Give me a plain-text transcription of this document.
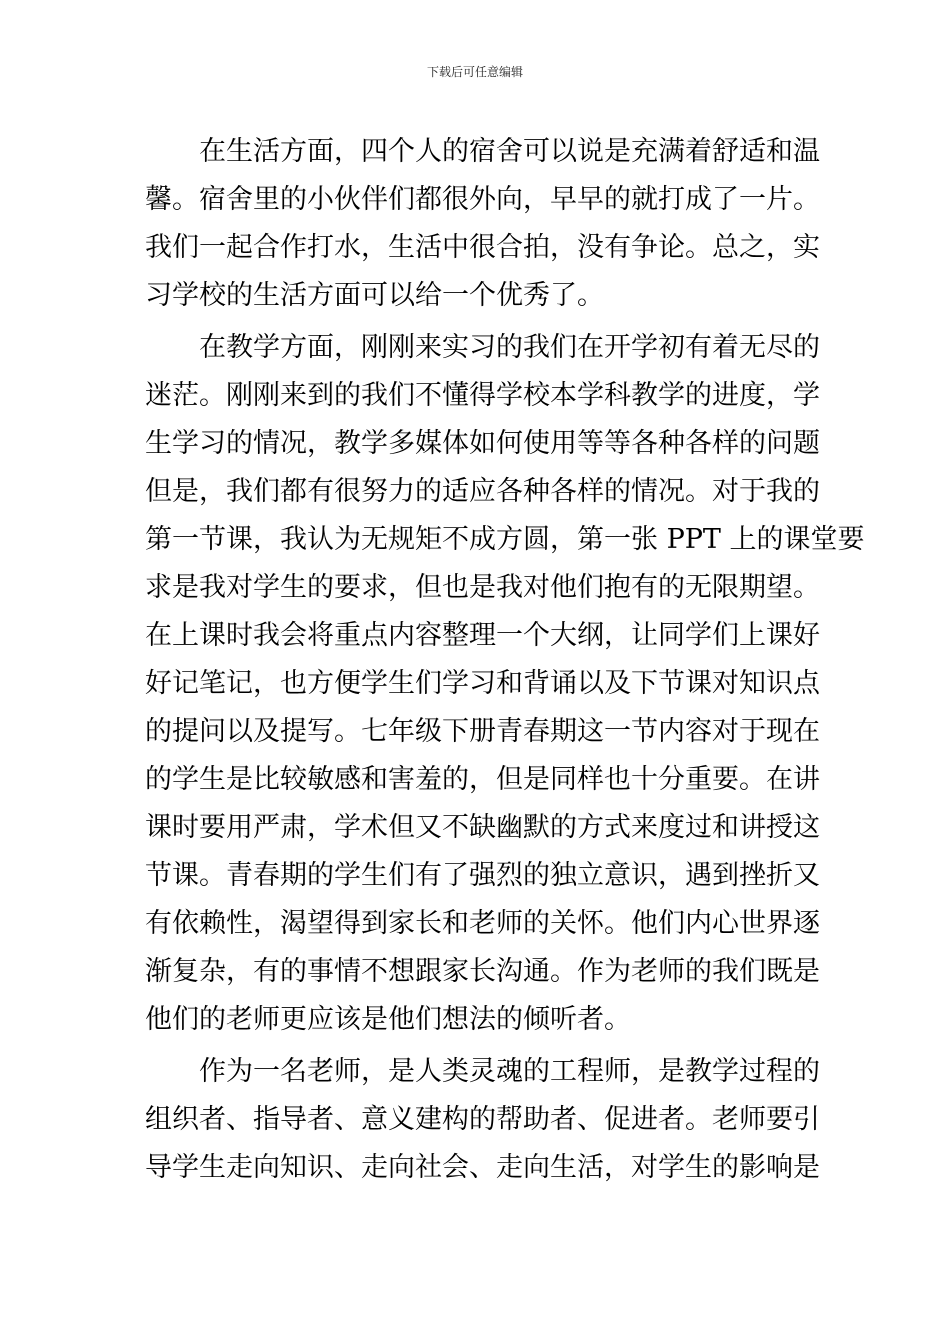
下载后可任意编辑
在生活方面，四个人的宿舍可以说是充满着舒适和温
馨。宿舍里的小伙伴们都很外向，早早的就打成了一片。
我们一起合作打水，生活中很合拍，没有争论。总之，实
习学校的生活方面可以给一个优秀了。
在教学方面，刚刚来实习的我们在开学初有着无尽的
迷茫。刚刚来到的我们不懂得学校本学科教学的进度，学
生学习的情况，教学多媒体如何使用等等各种各样的问题
但是，我们都有很努力的适应各种各样的情况。对于我的
第一节课，我认为无规矩不成方圆，第一张 PPT 上的课堂要
求是我对学生的要求，但也是我对他们抱有的无限期望。
在上课时我会将重点内容整理一个大纲，让同学们上课好
好记笔记，也方便学生们学习和背诵以及下节课对知识点
的提问以及提写。七年级下册青春期这一节内容对于现在
的学生是比较敏感和害羞的，但是同样也十分重要。在讲
课时要用严肃，学术但又不缺幽默的方式来度过和讲授这
节课。青春期的学生们有了强烈的独立意识，遇到挫折又
有依赖性，渴望得到家长和老师的关怀。他们内心世界逐
渐复杂，有的事情不想跟家长沟通。作为老师的我们既是
他们的老师更应该是他们想法的倾听者。
作为一名老师，是人类灵魂的工程师，是教学过程的
组织者、指导者、意义建构的帮助者、促进者。老师要引
导学生走向知识、走向社会、走向生活，对学生的影响是
